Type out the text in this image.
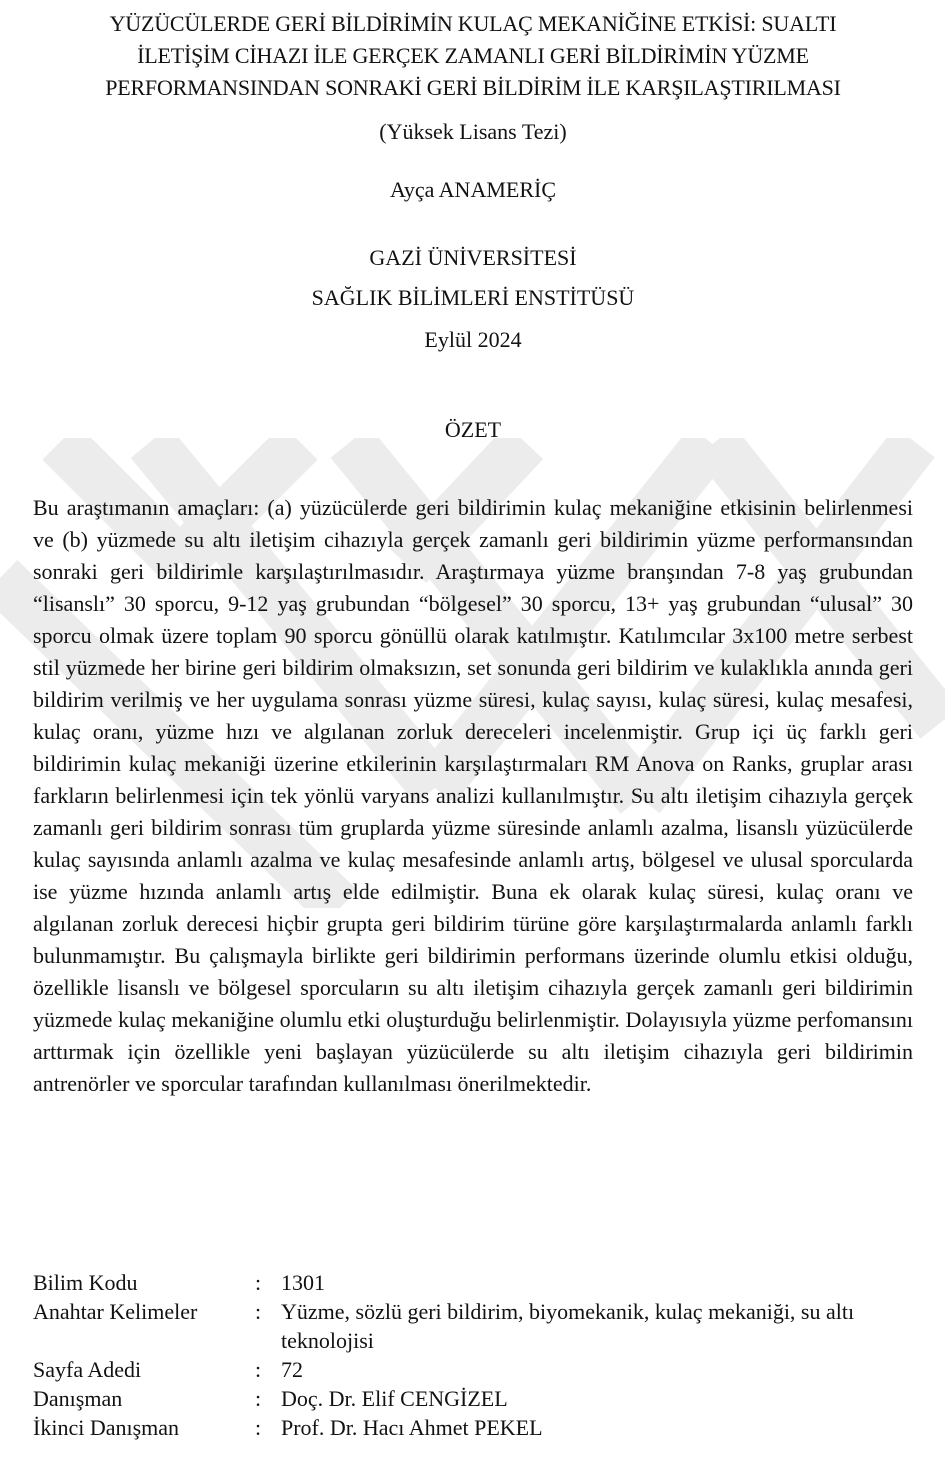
YÜZÜCÜLERDE GERİ BİLDİRİMİN KULAÇ MEKANİĞİNE ETKİSİ: SUALTI
İLETİŞİM CİHAZI İLE GERÇEK ZAMANLI GERİ BİLDİRİMİN YÜZME
PERFORMANSINDAN SONRAKİ GERİ BİLDİRİM İLE KARŞILAŞTIRILMASI
(Yüksek Lisans Tezi)
Ayça ANAMERİÇ
GAZİ ÜNİVERSİTESİ
SAĞLIK BİLİMLERİ ENSTİTÜSÜ
Eylül 2024
ÖZET
Bu araştımanın amaçları: (a) yüzücülerde geri bildirimin kulaç mekaniğine etkisinin belirlenmesi ve (b) yüzmede su altı iletişim cihazıyla gerçek zamanlı geri bildirimin yüzme performansından sonraki geri bildirimle karşılaştırılmasıdır. Araştırmaya yüzme branşından 7-8 yaş grubundan “lisanslı” 30 sporcu, 9-12 yaş grubundan “bölgesel” 30 sporcu, 13+ yaş grubundan “ulusal” 30 sporcu olmak üzere toplam 90 sporcu gönüllü olarak katılmıştır. Katılımcılar 3x100 metre serbest stil yüzmede her birine geri bildirim olmaksızın, set sonunda geri bildirim ve kulaklıkla anında geri bildirim verilmiş ve her uygulama sonrası yüzme süresi, kulaç sayısı, kulaç süresi, kulaç mesafesi, kulaç oranı, yüzme hızı ve algılanan zorluk dereceleri incelenmiştir. Grup içi üç farklı geri bildirimin kulaç mekaniği üzerine etkilerinin karşılaştırmaları RM Anova on Ranks, gruplar arası farkların belirlenmesi için tek yönlü varyans analizi kullanılmıştır. Su altı iletişim cihazıyla gerçek zamanlı geri bildirim sonrası tüm gruplarda yüzme süresinde anlamlı azalma, lisanslı yüzücülerde kulaç sayısında anlamlı azalma ve kulaç mesafesinde anlamlı artış, bölgesel ve ulusal sporcularda ise yüzme hızında anlamlı artış elde edilmiştir. Buna ek olarak kulaç süresi, kulaç oranı ve algılanan zorluk derecesi hiçbir grupta geri bildirim türüne göre karşılaştırmalarda anlamlı farklı bulunmamıştır. Bu çalışmayla birlikte geri bildirimin performans üzerinde olumlu etkisi olduğu, özellikle lisanslı ve bölgesel sporcuların su altı iletişim cihazıyla gerçek zamanlı geri bildirimin yüzmede kulaç mekaniğine olumlu etki oluşturduğu belirlenmiştir. Dolayısıyla yüzme perfomansını arttırmak için özellikle yeni başlayan yüzücülerde su altı iletişim cihazıyla geri bildirimin antrenörler ve sporcular tarafından kullanılması önerilmektedir.
Bilim Kodu	: 1301
Anahtar Kelimeler	: Yüzme, sözlü geri bildirim, biyomekanik, kulaç mekaniği, su altı teknolojisi
Sayfa Adedi	: 72
Danışman	: Doç. Dr. Elif CENGİZEL
İkinci Danışman	: Prof. Dr. Hacı Ahmet PEKEL
